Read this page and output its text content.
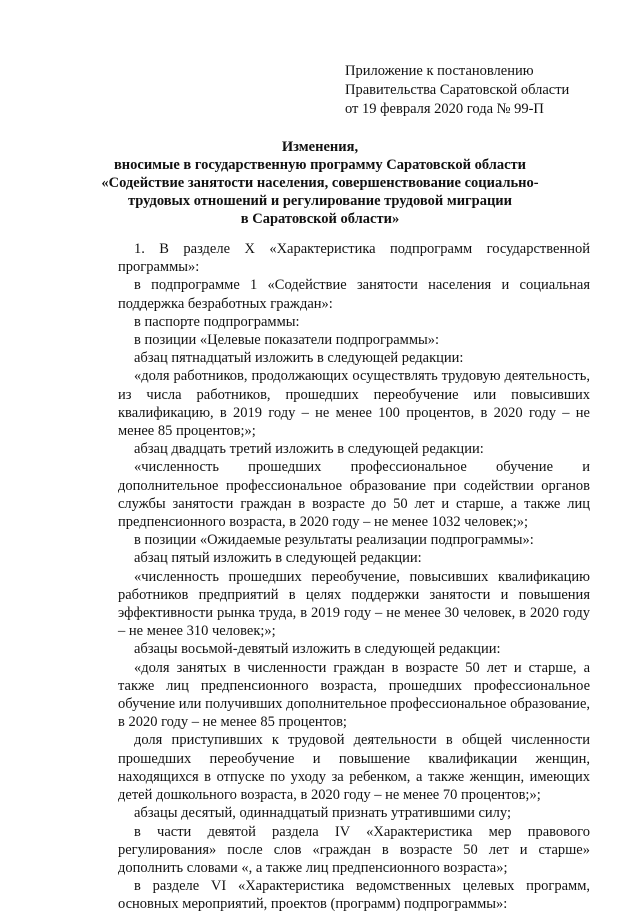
Приложение к постановлению
Правительства Саратовской области
от 19 февраля 2020 года № 99-П
Изменения,
вносимые в государственную программу Саратовской области
«Содействие занятости населения, совершенствование социально-
трудовых отношений и регулирование трудовой миграции
в Саратовской области»
1. В разделе X «Характеристика подпрограмм государственной программы»:
в подпрограмме 1 «Содействие занятости населения и социальная поддержка безработных граждан»:
в паспорте подпрограммы:
в позиции «Целевые показатели подпрограммы»:
абзац пятнадцатый изложить в следующей редакции:
«доля работников, продолжающих осуществлять трудовую деятельность, из числа работников, прошедших переобучение или повысивших квалификацию, в 2019 году – не менее 100 процентов, в 2020 году – не менее 85 процентов;»;
абзац двадцать третий изложить в следующей редакции:
«численность прошедших профессиональное обучение и дополнительное профессиональное образование при содействии органов службы занятости граждан в возрасте до 50 лет и старше, а также лиц предпенсионного возраста, в 2020 году – не менее 1032 человек;»;
в позиции «Ожидаемые результаты реализации подпрограммы»:
абзац пятый изложить в следующей редакции:
«численность прошедших переобучение, повысивших квалификацию работников предприятий в целях поддержки занятости и повышения эффективности рынка труда, в 2019 году – не менее 30 человек, в 2020 году – не менее 310 человек;»;
абзацы восьмой-девятый изложить в следующей редакции:
«доля занятых в численности граждан в возрасте 50 лет и старше, а также лиц предпенсионного возраста, прошедших профессиональное обучение или получивших дополнительное профессиональное образование, в 2020 году – не менее 85 процентов;
доля приступивших к трудовой деятельности в общей численности прошедших переобучение и повышение квалификации женщин, находящихся в отпуске по уходу за ребенком, а также женщин, имеющих детей дошкольного возраста, в 2020 году – не менее 70 процентов;»;
абзацы десятый, одиннадцатый признать утратившими силу;
в части девятой раздела IV «Характеристика мер правового регулирования» после слов «граждан в возрасте 50 лет и старше» дополнить словами «, а также лиц предпенсионного возраста»;
в разделе VI «Характеристика ведомственных целевых программ, основных мероприятий, проектов (программ) подпрограммы»:
